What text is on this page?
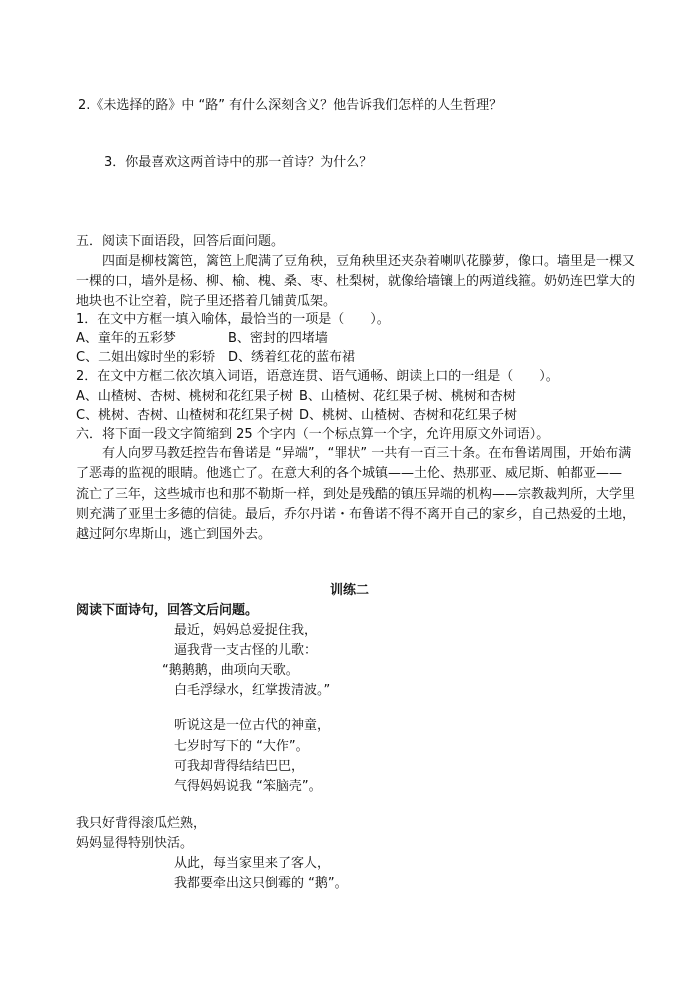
2.《未选择的路》中 “路” 有什么深刻含义？他告诉我们怎样的人生哲理？
3．你最喜欢这两首诗中的那一首诗？为什么？
五．阅读下面语段，回答后面问题。
四面是柳枝篱笆，篱笆上爬满了豆角秧，豆角秧里还夹杂着喇叭花滕萝，像口。墙里是一棵又
一棵的口，墙外是杨、柳、榆、槐、桑、枣、杜梨树，就像给墙镶上的两道线箍。奶奶连巴掌大的
地块也不让空着，院子里还搭着几铺黄瓜架。
1．在文中方框一填入喻体，最恰当的一项是（　　）。
A、童年的五彩梦	B、密封的四堵墙
C、二姐出嫁时坐的彩轿 D、绣着红花的蓝布裙
2．在文中方框二依次填入词语，语意连贯、语气通畅、朗读上口的一组是（　　）。
A、山楂树、杏树、桃树和花红果子树 B、山楂树、花红果子树、桃树和杏树
C、桃树、杏树、山楂树和花红果子树 D、桃树、山楂树、杏树和花红果子树
六．将下面一段文字简缩到 25 个字内（一个标点算一个字，允许用原文外词语）。
有人向罗马教廷控告布鲁诺是 “异端”，“罪状” 一共有一百三十条。在布鲁诺周围，开始布满
了恶毒的监视的眼睛。他逃亡了。在意大利的各个城镇——土伦、热那亚、威尼斯、帕都亚——
流亡了三年，这些城市也和那不勒斯一样，到处是残酷的镇压异端的机构——宗教裁判所，大学里
则充满了亚里士多德的信徒。最后，乔尔丹诺・布鲁诺不得不离开自己的家乡，自己热爱的土地，
越过阿尔卑斯山，逃亡到国外去。
训练二
阅读下面诗句，回答文后问题。
最近，妈妈总爱捉住我，
逼我背一支古怪的儿歌：
“鹅鹅鹅，曲项向天歌。
白毛浮绿水，红掌拨清波。”
听说这是一位古代的神童，
七岁时写下的 “大作”。
可我却背得结结巴巴，
气得妈妈说我 “笨脑壳”。
我只好背得滚瓜烂熟，
妈妈显得特别快活。
从此，每当家里来了客人，
我都要牵出这只倒霉的 “鹅”。
